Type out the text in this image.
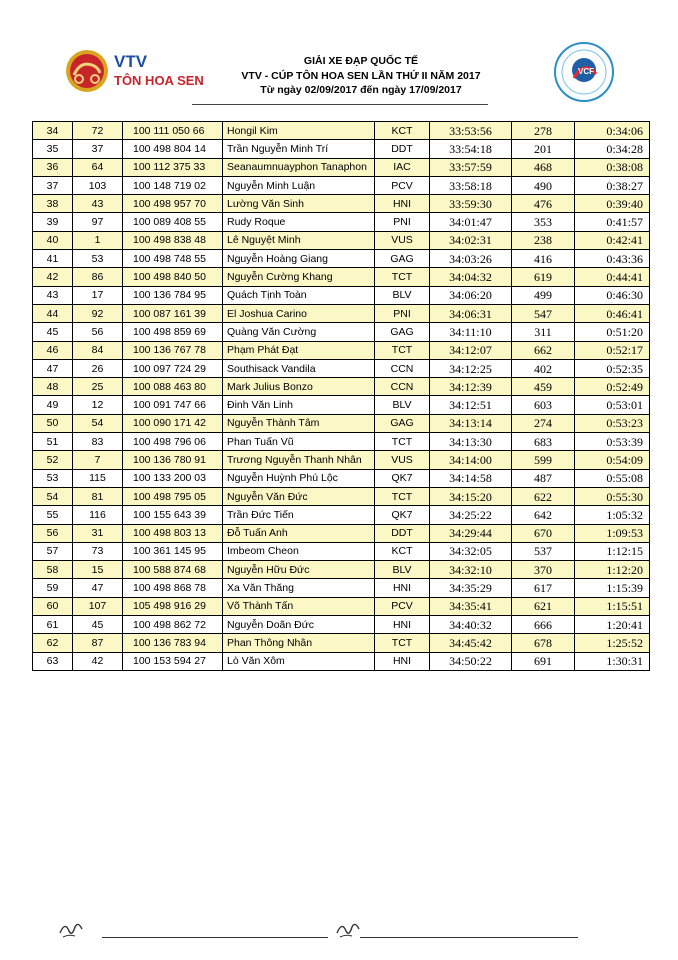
VTV
TÔN HOA SEN
GIẢI XE ĐẠP QUỐC TẾ
VTV - CÚP TÔN HOA SEN LẦN THỨ II NĂM 2017
Từ ngày 02/09/2017 đến ngày 17/09/2017
VCF
34	72	100 111 050 66	Hongil Kim	KCT	33:53:56	278	0:34:06
35	37	100 498 804 14	Trần Nguyễn Minh Trí	DDT	33:54:18	201	0:34:28
36	64	100 112 375 33	Seanaumnuayphon Tanaphon	IAC	33:57:59	468	0:38:08
37	103	100 148 719 02	Nguyễn Minh Luận	PCV	33:58:18	490	0:38:27
38	43	100 498 957 70	Lường Văn Sinh	HNI	33:59:30	476	0:39:40
39	97	100 089 408 55	Rudy Roque	PNI	34:01:47	353	0:41:57
40	1	100 498 838 48	Lê Nguyệt Minh	VUS	34:02:31	238	0:42:41
41	53	100 498 748 55	Nguyễn Hoàng Giang	GAG	34:03:26	416	0:43:36
42	86	100 498 840 50	Nguyễn Cường Khang	TCT	34:04:32	619	0:44:41
43	17	100 136 784 95	Quách Tịnh Toàn	BLV	34:06:20	499	0:46:30
44	92	100 087 161 39	El Joshua Carino	PNI	34:06:31	547	0:46:41
45	56	100 498 859 69	Quàng Văn Cường	GAG	34:11:10	311	0:51:20
46	84	100 136 767 78	Phạm Phát Đạt	TCT	34:12:07	662	0:52:17
47	26	100 097 724 29	Southisack Vandila	CCN	34:12:25	402	0:52:35
48	25	100 088 463 80	Mark Julius Bonzo	CCN	34:12:39	459	0:52:49
49	12	100 091 747 66	Đinh Văn Linh	BLV	34:12:51	603	0:53:01
50	54	100 090 171 42	Nguyễn Thành Tâm	GAG	34:13:14	274	0:53:23
51	83	100 498 796 06	Phan Tuấn Vũ	TCT	34:13:30	683	0:53:39
52	7	100 136 780 91	Trương Nguyễn Thanh Nhân	VUS	34:14:00	599	0:54:09
53	115	100 133 200 03	Nguyễn Huỳnh Phú Lộc	QK7	34:14:58	487	0:55:08
54	81	100 498 795 05	Nguyễn Văn Đức	TCT	34:15:20	622	0:55:30
55	116	100 155 643 39	Trần Đức Tiến	QK7	34:25:22	642	1:05:32
56	31	100 498 803 13	Đỗ Tuấn Anh	DDT	34:29:44	670	1:09:53
57	73	100 361 145 95	Imbeom Cheon	KCT	34:32:05	537	1:12:15
58	15	100 588 874 68	Nguyễn Hữu Đức	BLV	34:32:10	370	1:12:20
59	47	100 498 868 78	Xa Văn Thăng	HNI	34:35:29	617	1:15:39
60	107	105 498 916 29	Võ Thành Tấn	PCV	34:35:41	621	1:15:51
61	45	100 498 862 72	Nguyễn Doãn Đức	HNI	34:40:32	666	1:20:41
62	87	100 136 783 94	Phan Thông Nhân	TCT	34:45:42	678	1:25:52
63	42	100 153 594 27	Lò Văn Xôm	HNI	34:50:22	691	1:30:31
